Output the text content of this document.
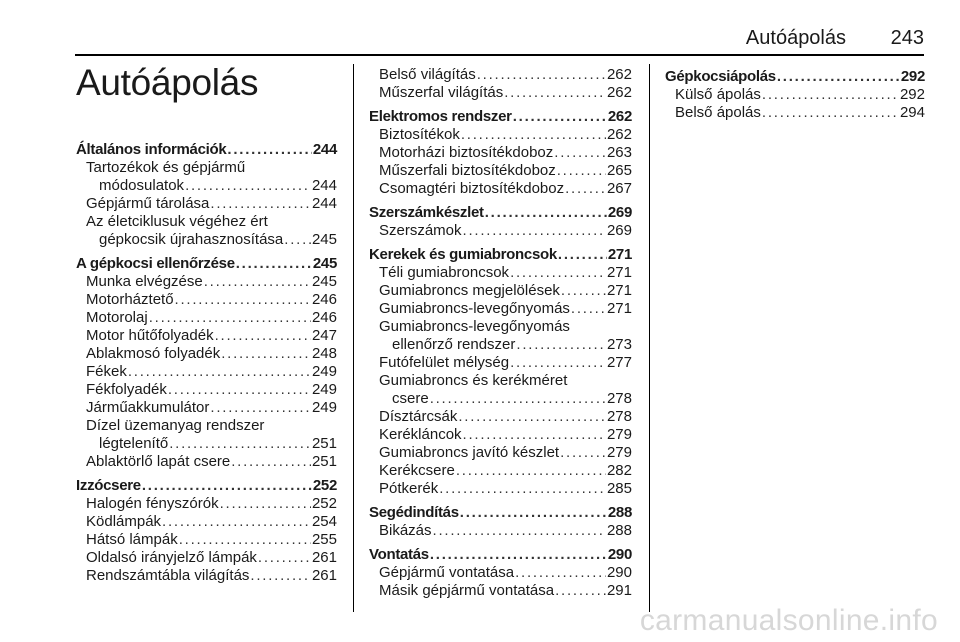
Autóápolás 243
Autóápolás
Általános információk . . .	244
Tartozékok és gépjármű
módosulatok . . .	244
Gépjármű tárolása . . .	244
Az életciklusuk végéhez ért
gépkocsik újrahasznosítása . . . 245
A gépkocsi ellenőrzése . . .	245
Munka elvégzése . . .	245
Motorháztető . . .	246
Motorolaj . . .	246
Motor hűtőfolyadék . . .	247
Ablakmosó folyadék . . .	248
Fékek . . .	249
Fékfolyadék . . .	249
Járműakkumulátor . . .	249
Dízel üzemanyag rendszer
légtelenítő . . .	251
Ablaktörlő lapát csere . . .	251
Izzócsere . . .	252
Halogén fényszórók . . .	252
Ködlámpák . . .	254
Hátsó lámpák . . .	255
Oldalsó irányjelző lámpák . . .	261
Rendszámtábla világítás . . .	261
Belső világítás . . .	262
Műszerfal világítás . . .	262
Elektromos rendszer . . .	262
Biztosítékok . . .	262
Motorházi biztosítékdoboz . . .	263
Műszerfali biztosítékdoboz . . .	265
Csomagtéri biztosítékdoboz . . .	267
Szerszámkészlet . . .	269
Szerszámok . . .	269
Kerekek és gumiabroncsok . . .	271
Téli gumiabroncsok . . .	271
Gumiabroncs megjelölések . . .	271
Gumiabroncs-levegőnyomás . . . 271
Gumiabroncs-levegőnyomás
ellenőrző rendszer . . .	273
Futófelület mélység . . .	277
Gumiabroncs és kerékméret
csere . . .	278
Dísztárcsák . . .	278
Kerékláncok . . .	279
Gumiabroncs javító készlet . . .	279
Kerékcsere . . .	282
Pótkerék . . .	285
Segédindítás . . .	288
Bikázás . . .	288
Vontatás . . .	290
Gépjármű vontatása . . .	290
Másik gépjármű vontatása . . .	291
Gépkocsiápolás . . .	292
Külső ápolás . . .	292
Belső ápolás . . .	294
carmanualsonline.info
